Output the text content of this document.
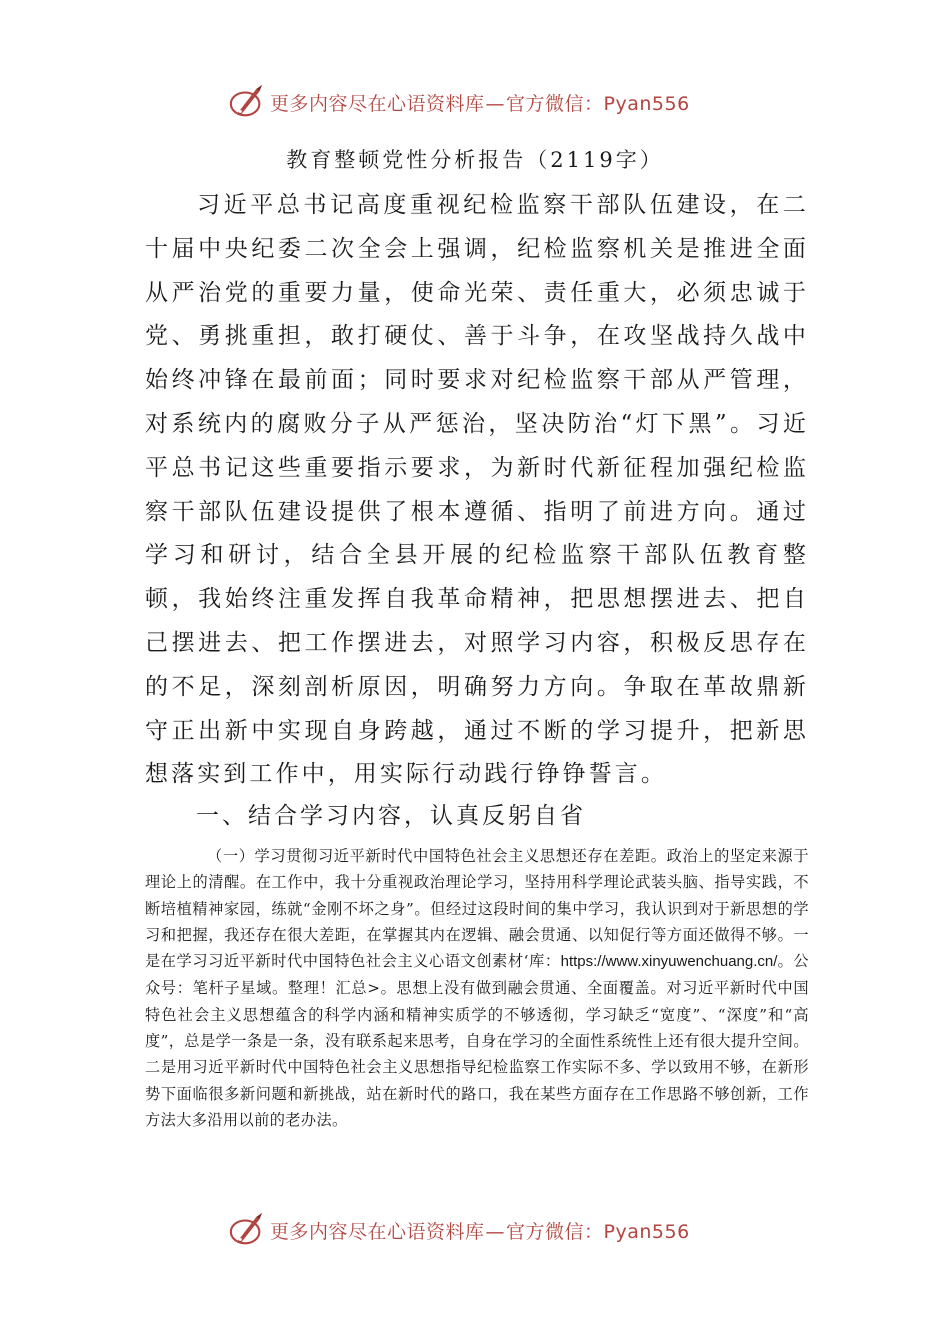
更多内容尽在心语资料库—官方微信：Pyan556
教育整顿党性分析报告（2119字）

习近平总书记高度重视纪检监察干部队伍建设，在二十届中央纪委二次全会上强调，纪检监察机关是推进全面从严治党的重要力量，使命光荣、责任重大，必须忠诚于党、勇挑重担，敢打硬仗、善于斗争，在攻坚战持久战中始终冲锋在最前面；同时要求对纪检监察干部从严管理，对系统内的腐败分子从严惩治，坚决防治“灯下黑”。习近平总书记这些重要指示要求，为新时代新征程加强纪检监察干部队伍建设提供了根本遵循、指明了前进方向。通过学习和研讨，结合全县开展的纪检监察干部队伍教育整顿，我始终注重发挥自我革命精神，把思想摆进去、把自己摆进去、把工作摆进去，对照学习内容，积极反思存在的不足，深刻剖析原因，明确努力方向。争取在革故鼎新守正出新中实现自身跨越，通过不断的学习提升，把新思想落实到工作中，用实际行动践行铮铮誓言。

一、结合学习内容，认真反躬自省

（一）学习贯彻习近平新时代中国特色社会主义思想还存在差距。政治上的坚定来源于理论上的清醒。在工作中，我十分重视政治理论学习，坚持用科学理论武装头脑、指导实践，不断培植精神家园，练就“金刚不坏之身”。但经过这段时间的集中学习，我认识到对于新思想的学习和把握，我还存在很大差距，在掌握其内在逻辑、融会贯通、以知促行等方面还做得不够。一是在学习习近平新时代中国特色社会主义心语文创素材‘库：https://www.xinyuwenchuang.cn/。公众号：笔杆子星域。整理！汇总>。思想上没有做到融会贯通、全面覆盖。对习近平新时代中国特色社会主义思想蕴含的科学内涵和精神实质学的不够透彻，学习缺乏“宽度”、“深度”和“高度”，总是学一条是一条，没有联系起来思考，自身在学习的全面性系统性上还有很大提升空间。二是用习近平新时代中国特色社会主义思想指导纪检监察工作实际不多、学以致用不够，在新形势下面临很多新问题和新挑战，站在新时代的路口，我在某些方面存在工作思路不够创新，工作方法大多沿用以前的老办法。

更多内容尽在心语资料库—官方微信：Pyan556
